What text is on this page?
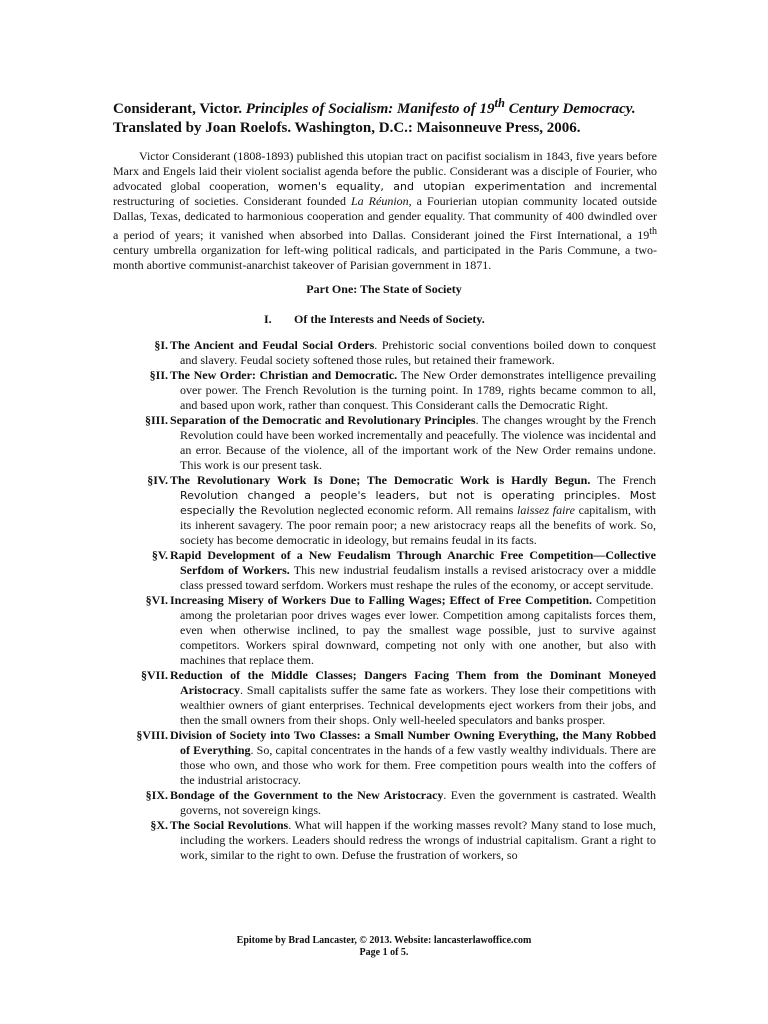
Considerant, Victor. Principles of Socialism: Manifesto of 19th Century Democracy.
Translated by Joan Roelofs. Washington, D.C.: Maisonneuve Press, 2006.
Victor Considerant (1808-1893) published this utopian tract on pacifist socialism in 1843, five years before Marx and Engels laid their violent socialist agenda before the public. Considerant was a disciple of Fourier, who advocated global cooperation, women's equality, and utopian experimentation and incremental restructuring of societies. Considerant founded La Réunion, a Fourierian utopian community located outside Dallas, Texas, dedicated to harmonious cooperation and gender equality. That community of 400 dwindled over a period of years; it vanished when absorbed into Dallas. Considerant joined the First International, a 19th century umbrella organization for left-wing political radicals, and participated in the Paris Commune, a two-month abortive communist-anarchist takeover of Parisian government in 1871.
Part One: The State of Society
I. Of the Interests and Needs of Society.
§I. The Ancient and Feudal Social Orders. Prehistoric social conventions boiled down to conquest and slavery. Feudal society softened those rules, but retained their framework.
§II. The New Order: Christian and Democratic. The New Order demonstrates intelligence prevailing over power. The French Revolution is the turning point. In 1789, rights became common to all, and based upon work, rather than conquest. This Considerant calls the Democratic Right.
§III. Separation of the Democratic and Revolutionary Principles. The changes wrought by the French Revolution could have been worked incrementally and peacefully. The violence was incidental and an error. Because of the violence, all of the important work of the New Order remains undone. This work is our present task.
§IV. The Revolutionary Work Is Done; The Democratic Work is Hardly Begun. The French Revolution changed a people's leaders, but not is operating principles. Most especially the Revolution neglected economic reform. All remains laissez faire capitalism, with its inherent savagery. The poor remain poor; a new aristocracy reaps all the benefits of work. So, society has become democratic in ideology, but remains feudal in its facts.
§V. Rapid Development of a New Feudalism Through Anarchic Free Competition—Collective Serfdom of Workers. This new industrial feudalism installs a revised aristocracy over a middle class pressed toward serfdom. Workers must reshape the rules of the economy, or accept servitude.
§VI. Increasing Misery of Workers Due to Falling Wages; Effect of Free Competition. Competition among the proletarian poor drives wages ever lower. Competition among capitalists forces them, even when otherwise inclined, to pay the smallest wage possible, just to survive against competitors. Workers spiral downward, competing not only with one another, but also with machines that replace them.
§VII. Reduction of the Middle Classes; Dangers Facing Them from the Dominant Moneyed Aristocracy. Small capitalists suffer the same fate as workers. They lose their competitions with wealthier owners of giant enterprises. Technical developments eject workers from their jobs, and then the small owners from their shops. Only well-heeled speculators and banks prosper.
§VIII. Division of Society into Two Classes: a Small Number Owning Everything, the Many Robbed of Everything. So, capital concentrates in the hands of a few vastly wealthy individuals. There are those who own, and those who work for them. Free competition pours wealth into the coffers of the industrial aristocracy.
§IX. Bondage of the Government to the New Aristocracy. Even the government is castrated. Wealth governs, not sovereign kings.
§X. The Social Revolutions. What will happen if the working masses revolt? Many stand to lose much, including the workers. Leaders should redress the wrongs of industrial capitalism. Grant a right to work, similar to the right to own. Defuse the frustration of workers, so
Epitome by Brad Lancaster, © 2013. Website: lancasterlawoffice.com
Page 1 of 5.
